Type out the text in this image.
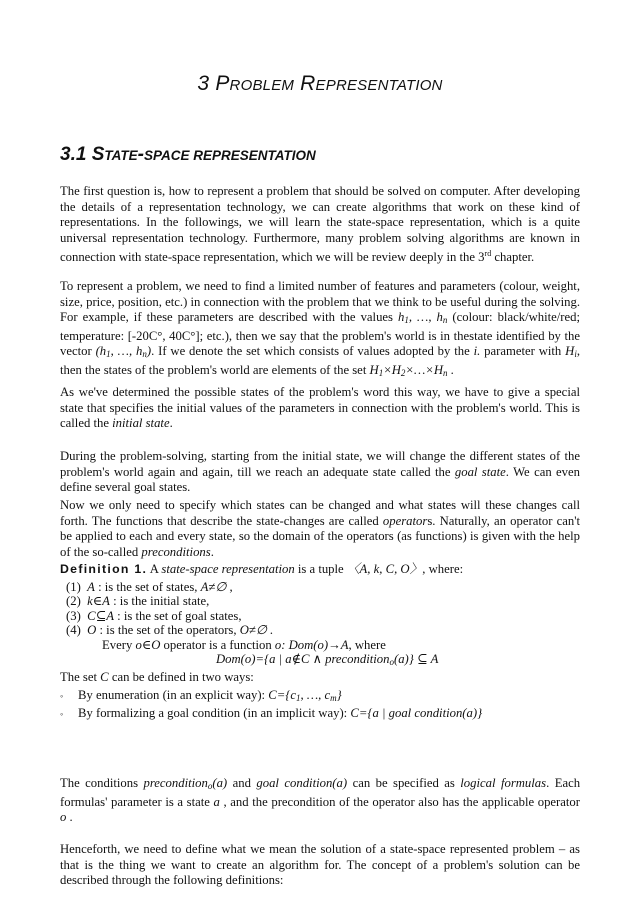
3 PROBLEM REPRESENTATION
3.1 STATE-SPACE REPRESENTATION

The first question is, how to represent a problem that should be solved on computer. After developing the details of a representation technology, we can create algorithms that work on these kind of representations. In the followings, we will learn the state-space representation, which is a quite universal representation technology. Furthermore, many problem solving algorithms are known in connection with state-space representation, which we will be review deeply in the 3rd chapter.

To represent a problem, we need to find a limited number of features and parameters (colour, weight, size, price, position, etc.) in connection with the problem that we think to be useful during the solving. For example, if these parameters are described with the values $h_1$, …, $h_n$ (colour: black/white/red; temperature: [-20C°, 40C°]; etc.), then we say that the problem's world is in thestate identified by the vector ($h_1$, …, $h_n$). If we denote the set which consists of values adopted by the i. parameter with $H_i$, then the states of the problem's world are elements of the set $H_1\times H_2\times\dots\times H_n$ .

As we've determined the possible states of the problem's word this way, we have to give a special state that specifies the initial values of the parameters in connection with the problem's world. This is called the initial state.

During the problem-solving, starting from the initial state, we will change the different states of the problem's world again and again, till we reach an adequate state called the goal state. We can even define several goal states.

Now we only need to specify which states can be changed and what states will these changes call forth. The functions that describe the state-changes are called operators. Naturally, an operator can't be applied to each and every state, so the domain of the operators (as functions) is given with the help of the so-called preconditions.

Definition 1. A state-space representation is a tuple 〈A, k, C, O〉, where:
(1) A : is the set of states, A≠∅ ,
(2) k∈A : is the initial state,
(3) C⊆A : is the set of goal states,
(4) O : is the set of the operators, O≠∅ .
Every o∈O operator is a function o: Dom(o)→A, where
Dom(o)={a | a∉C ∧ precondition$_o$(a)} ⊆ A
The set C can be defined in two ways:
◦ By enumeration (in an explicit way): $C=\{c_1$, …, $c_m$}
◦ By formalizing a goal condition (in an implicit way): C={a | goal condition(a)}

The conditions precondition$_o$(a) and goal condition(a) can be specified as logical formulas. Each formulas' parameter is a state a , and the precondition of the operator also has the applicable operator o .

Henceforth, we need to define what we mean the solution of a state-space represented problem – as that is the thing we want to create an algorithm for. The concept of a problem's solution can be described through the following definitions:
